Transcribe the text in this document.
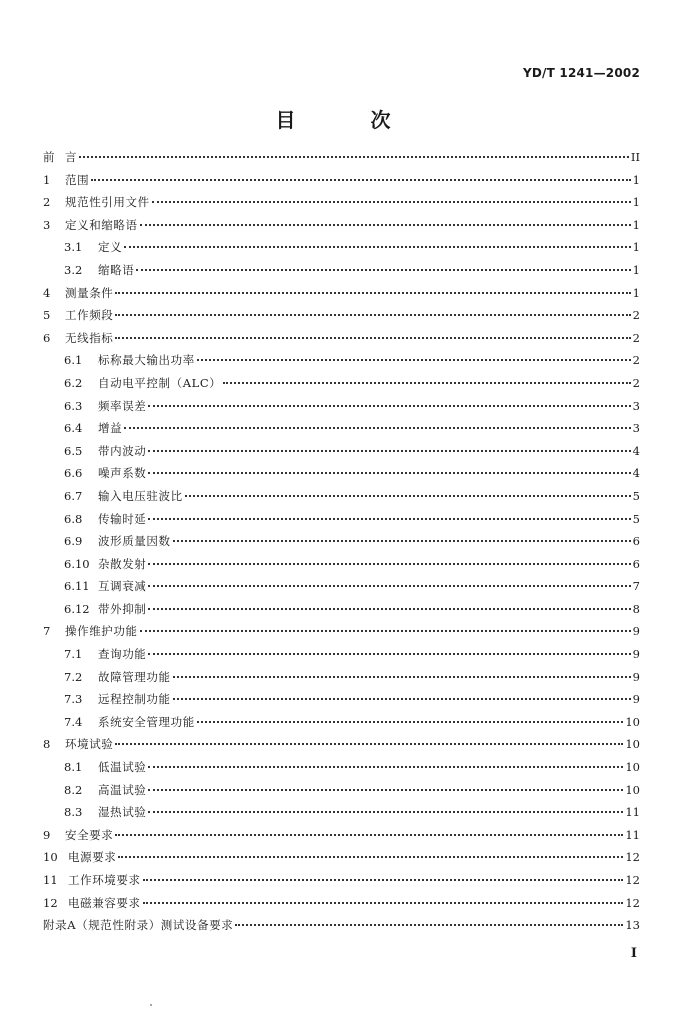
YD/T 1241—2002
目 次
前 言	II
1	范围	1
2	规范性引用文件	1
3	定义和缩略语	1
3.1	定义	1
3.2	缩略语	1
4	测量条件	1
5	工作频段	2
6	无线指标	2
6.1	标称最大输出功率	2
6.2	自动电平控制（ALC）	2
6.3	频率误差	3
6.4	增益	3
6.5	带内波动	4
6.6	噪声系数	4
6.7	输入电压驻波比	5
6.8	传输时延	5
6.9	波形质量因数	6
6.10 杂散发射	6
6.11 互调衰减	7
6.12 带外抑制	8
7	操作维护功能	9
7.1	查询功能	9
7.2	故障管理功能	9
7.3	远程控制功能	9
7.4	系统安全管理功能	10
8	环境试验	10
8.1	低温试验	10
8.2	高温试验	10
8.3	湿热试验	11
9	安全要求	11
10 电源要求	12
11 工作环境要求	12
12 电磁兼容要求	12
附录A（规范性附录）测试设备要求	13
I
